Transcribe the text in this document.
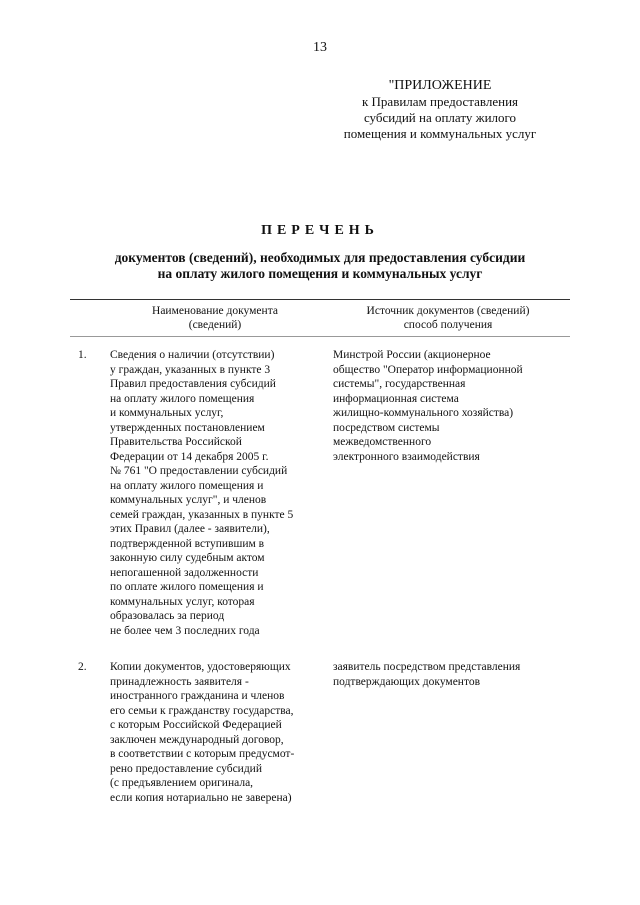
13
"ПРИЛОЖЕНИЕ
к Правилам предоставления
субсидий на оплату жилого
помещения и коммунальных услуг
ПЕРЕЧЕНЬ
документов (сведений), необходимых для предоставления субсидии
на оплату жилого помещения и коммунальных услуг
Наименование документа
(сведений)
Источник документов (сведений)
способ получения
1. Сведения о наличии (отсутствии)
у граждан, указанных в пункте 3
Правил предоставления субсидий
на оплату жилого помещения
и коммунальных услуг,
утвержденных постановлением
Правительства Российской
Федерации от 14 декабря 2005 г.
№ 761 "О предоставлении субсидий
на оплату жилого помещения и
коммунальных услуг", и членов
семей граждан, указанных в пункте 5
этих Правил (далее - заявители),
подтвержденной вступившим в
законную силу судебным актом
непогашенной задолженности
по оплате жилого помещения и
коммунальных услуг, которая
образовалась за период
не более чем 3 последних года
Минстрой России (акционерное
общество "Оператор информационной
системы", государственная
информационная система
жилищно-коммунального хозяйства)
посредством системы
межведомственного
электронного взаимодействия
2. Копии документов, удостоверяющих
принадлежность заявителя -
иностранного гражданина и членов
его семьи к гражданству государства,
с которым Российской Федерацией
заключен международный договор,
в соответствии с которым предусмот-
рено предоставление субсидий
(с предъявлением оригинала,
если копия нотариально не заверена)
заявитель посредством представления
подтверждающих документов
